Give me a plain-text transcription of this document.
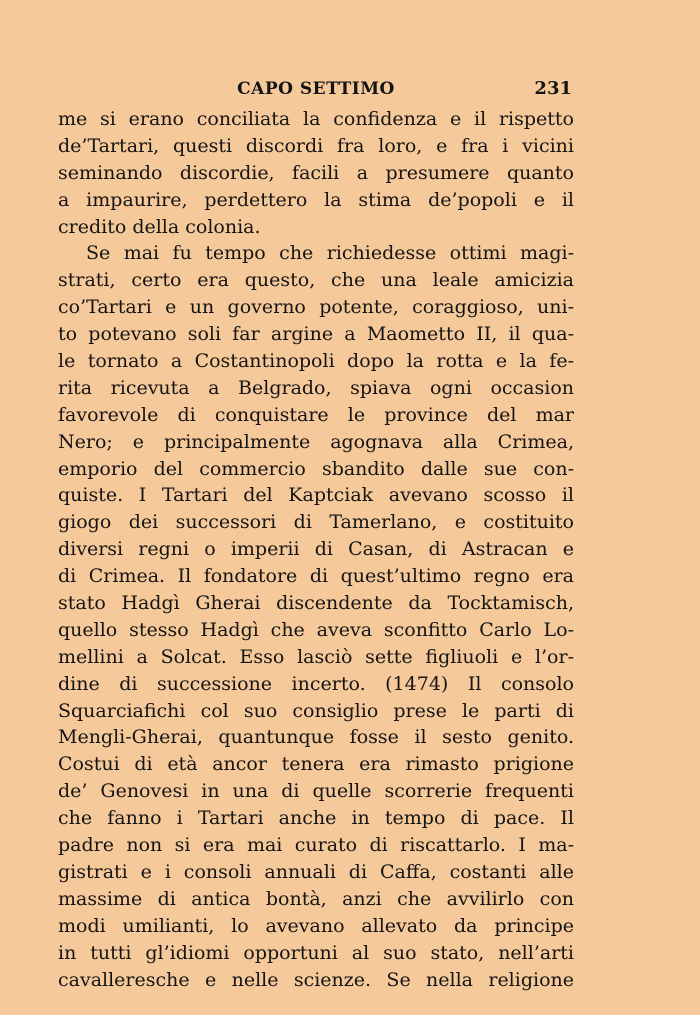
CAPO SETTIMO	231
me si erano conciliata la confidenza e il rispetto
de’Tartari, questi discordi fra loro, e fra i vicini
seminando discordie, facili a presumere quanto
a impaurire, perdettero la stima de’popoli e il
credito della colonia.
Se mai fu tempo che richiedesse ottimi magi-
strati, certo era questo, che una leale amicizia
co’Tartari e un governo potente, coraggioso, uni-
to potevano soli far argine a Maometto II, il qua-
le tornato a Costantinopoli dopo la rotta e la fe-
rita ricevuta a Belgrado, spiava ogni occasion
favorevole di conquistare le province del mar
Nero; e principalmente agognava alla Crimea,
emporio del commercio sbandito dalle sue con-
quiste. I Tartari del Kaptciak avevano scosso il
giogo dei successori di Tamerlano, e costituito
diversi regni o imperii di Casan, di Astracan e
di Crimea. Il fondatore di quest’ultimo regno era
stato Hadgì Gherai discendente da Tocktamisch,
quello stesso Hadgì che aveva sconfitto Carlo Lo-
mellini a Solcat. Esso lasciò sette figliuoli e l’or-
dine di successione incerto. (1474) Il consolo
Squarciafichi col suo consiglio prese le parti di
Mengli-Gherai, quantunque fosse il sesto genito.
Costui di età ancor tenera era rimasto prigione
de’ Genovesi in una di quelle scorrerie frequenti
che fanno i Tartari anche in tempo di pace. Il
padre non si era mai curato di riscattarlo. I ma-
gistrati e i consoli annuali di Caffa, costanti alle
massime di antica bontà, anzi che avvilirlo con
modi umilianti, lo avevano allevato da principe
in tutti gl’idiomi opportuni al suo stato, nell’arti
cavalleresche e nelle scienze. Se nella religione
